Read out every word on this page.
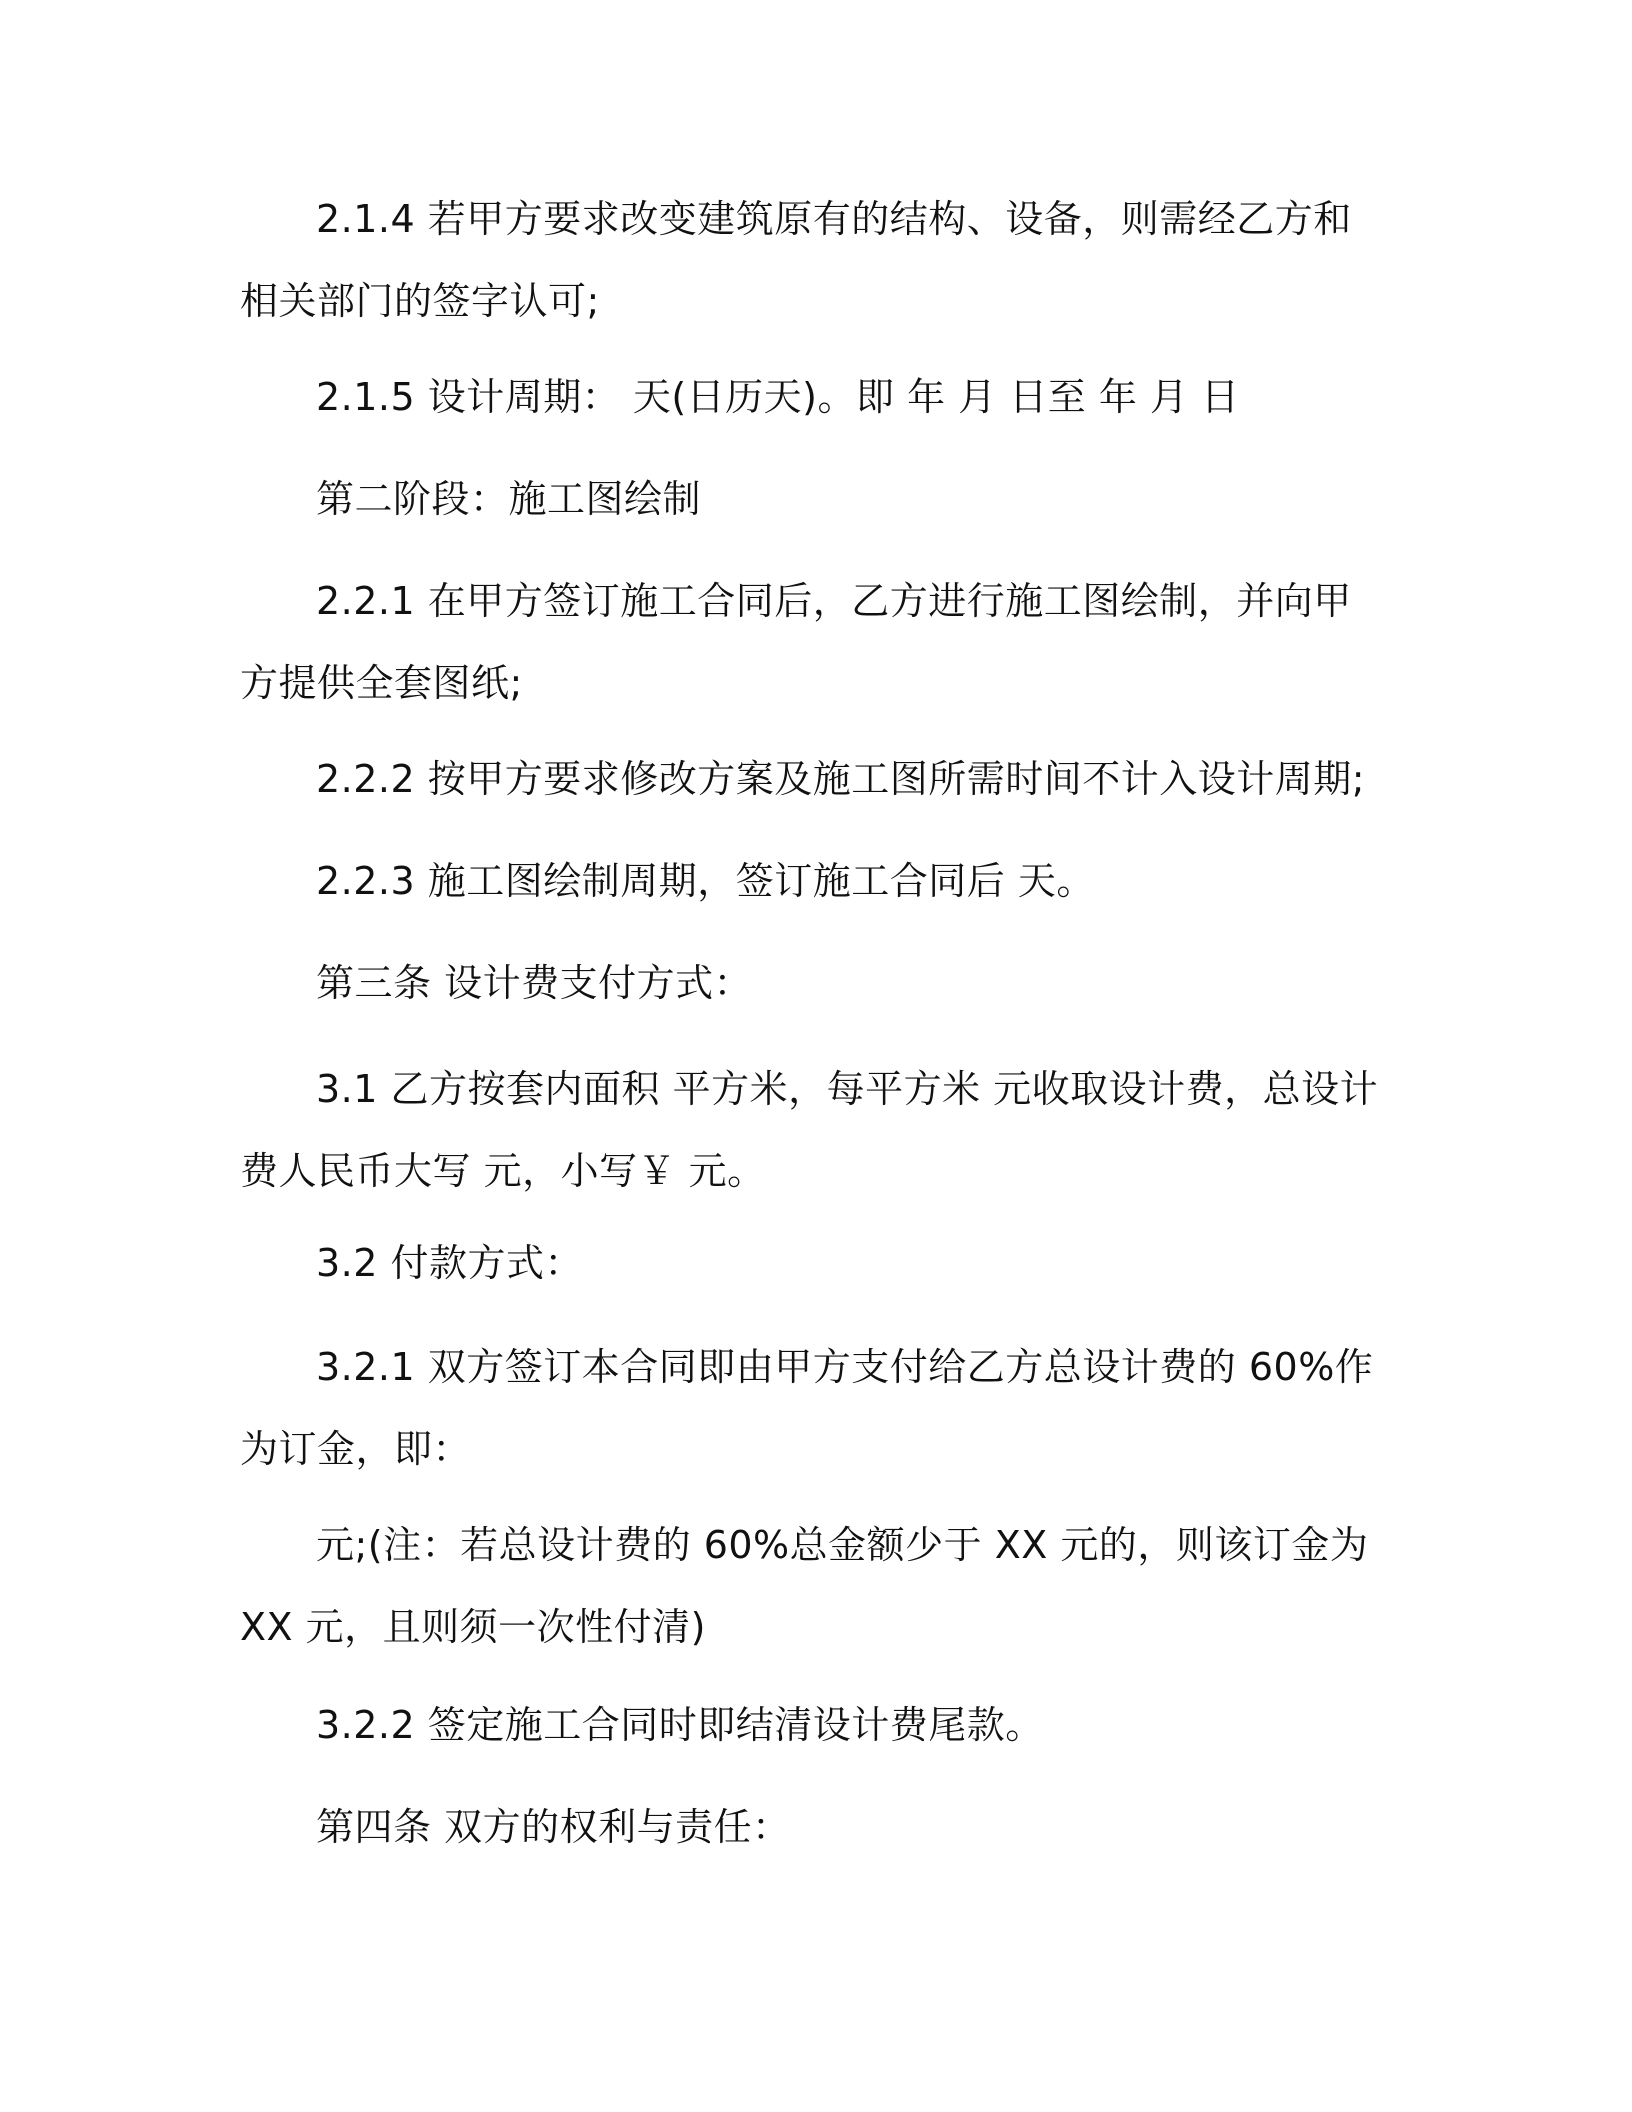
2.1.4 若甲方要求改变建筑原有的结构、设备，则需经乙方和相关部门的签字认可;

2.1.5 设计周期： 天(日历天)。即 年 月 日至 年 月 日

第二阶段：施工图绘制

2.2.1 在甲方签订施工合同后，乙方进行施工图绘制，并向甲方提供全套图纸;

2.2.2 按甲方要求修改方案及施工图所需时间不计入设计周期;

2.2.3 施工图绘制周期，签订施工合同后 天。

第三条 设计费支付方式：

3.1 乙方按套内面积 平方米，每平方米 元收取设计费，总设计费人民币大写 元，小写￥ 元。

3.2 付款方式：

3.2.1 双方签订本合同即由甲方支付给乙方总设计费的 60%作为订金，即：

元;(注：若总设计费的 60%总金额少于 XX 元的，则该订金为 XX 元，且则须一次性付清)

3.2.2 签定施工合同时即结清设计费尾款。

第四条 双方的权利与责任：
